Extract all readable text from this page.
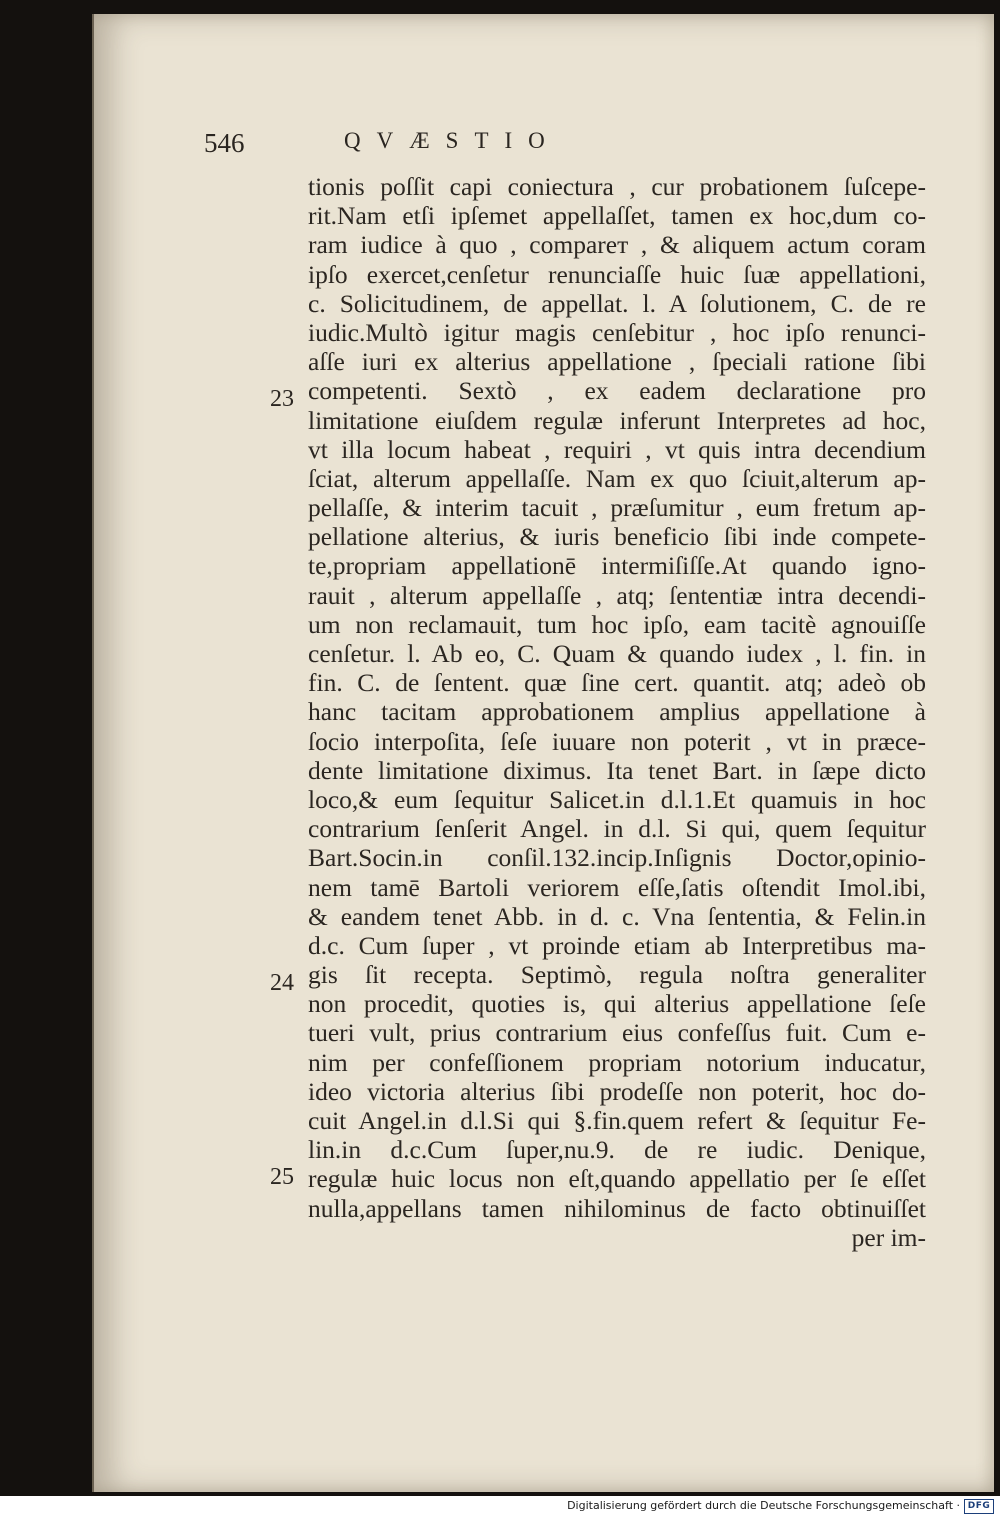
546	QVÆSTIO
23
24
25
tionis poſſit capi coniectura , cur probationem ſuſcepe-
rit.Nam etſi ipſemet appellaſſet, tamen ex hoc,dum co-
ram iudice à quo , compareт , & aliquem actum coram
ipſo exercet,cenſetur renunciaſſe huic ſuæ appellationi,
c. Solicitudinem, de appellat. l. A ſolutionem, C. de re
iudic.Multò igitur magis cenſebitur , hoc ipſo renunci-
aſſe iuri ex alterius appellatione , ſpeciali ratione ſibi
competenti. Sextò , ex eadem declaratione pro
limitatione eiuſdem regulæ inferunt Interpretes ad hoc,
vt illa locum habeat , requiri , vt quis intra decendium
ſciat, alterum appellaſſe. Nam ex quo ſciuit,alterum ap-
pellaſſe, & interim tacuit , præſumitur , eum fretum ap-
pellatione alterius, & iuris beneficio ſibi inde compete-
te,propriam appellationē intermiſiſſe.At quando igno-
rauit , alterum appellaſſe , atq; ſententiæ intra decendi-
um non reclamauit, tum hoc ipſo, eam tacitè agnouiſſe
cenſetur. l. Ab eo, C. Quam & quando iudex , l. fin. in
fin. C. de ſentent. quæ ſine cert. quantit. atq; adeò ob
hanc tacitam approbationem amplius appellatione à
ſocio interpoſita, ſeſe iuuare non poterit , vt in præce-
dente limitatione diximus. Ita tenet Bart. in ſæpe dicto
loco,& eum ſequitur Salicet.in d.l.1.Et quamuis in hoc
contrarium ſenſerit Angel. in d.l. Si qui, quem ſequitur
Bart.Socin.in conſil.132.incip.Inſignis Doctor,opinio-
nem tamē Bartoli veriorem eſſe,ſatis oſtendit Imol.ibi,
& eandem tenet Abb. in d. c. Vna ſententia, & Felin.in
d.c. Cum ſuper , vt proinde etiam ab Interpretibus ma-
gis ſit recepta. Septimò, regula noſtra generaliter
non procedit, quoties is, qui alterius appellatione ſeſe
tueri vult, prius contrarium eius confeſſus fuit. Cum e-
nim per confeſſionem propriam notorium inducatur,
ideo victoria alterius ſibi prodeſſe non poterit, hoc do-
cuit Angel.in d.l.Si qui §.fin.quem refert & ſequitur Fe-
lin.in d.c.Cum ſuper,nu.9. de re iudic. Denique,
regulæ huic locus non eſt,quando appellatio per ſe eſſet
nulla,appellans tamen nihilominus de facto obtinuiſſet
per im-
Digitalisierung gefördert durch die Deutsche Forschungsgemeinschaft · DFG
